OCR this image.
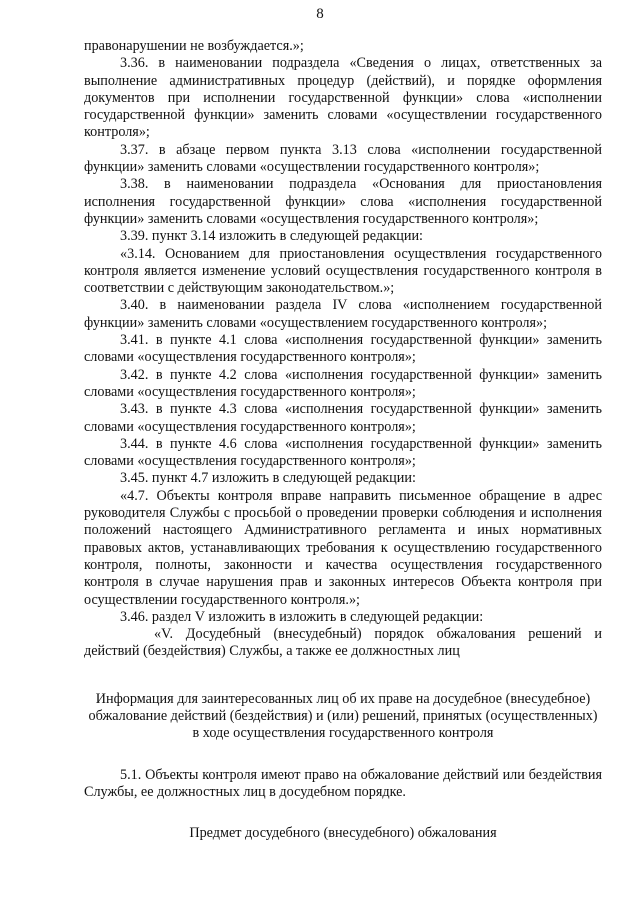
8

правонарушении не возбуждается.»;

3.36. в наименовании подраздела «Сведения о лицах, ответственных за выполнение административных процедур (действий), и порядке оформления документов при исполнении государственной функции» слова «исполнении государственной функции» заменить словами «осуществлении государственного контроля»;

3.37. в абзаце первом пункта 3.13 слова «исполнении государственной функции» заменить словами «осуществлении государственного контроля»;

3.38. в наименовании подраздела «Основания для приостановления исполнения государственной функции» слова «исполнения государственной функции» заменить словами «осуществления государственного контроля»;

3.39. пункт 3.14 изложить в следующей редакции:

«3.14. Основанием для приостановления осуществления государственного контроля является изменение условий осуществления государственного контроля в соответствии с действующим законодательством.»;

3.40. в наименовании раздела IV слова «исполнением государственной функции» заменить словами «осуществлением государственного контроля»;

3.41. в пункте 4.1 слова «исполнения государственной функции» заменить словами «осуществления государственного контроля»;

3.42. в пункте 4.2 слова «исполнения государственной функции» заменить словами «осуществления государственного контроля»;

3.43. в пункте 4.3 слова «исполнения государственной функции» заменить словами «осуществления государственного контроля»;

3.44. в пункте 4.6 слова «исполнения государственной функции» заменить словами «осуществления государственного контроля»;

3.45. пункт 4.7 изложить в следующей редакции:

«4.7. Объекты контроля вправе направить письменное обращение в адрес руководителя Службы с просьбой о проведении проверки соблюдения и исполнения положений настоящего Административного регламента и иных нормативных правовых актов, устанавливающих требования к осуществлению государственного контроля, полноты, законности и качества осуществления государственного контроля в случае нарушения прав и законных интересов Объекта контроля при осуществлении государственного контроля.»;

3.46. раздел V изложить в изложить в следующей редакции:

«V. Досудебный (внесудебный) порядок обжалования решений и действий (бездействия) Службы, а также ее должностных лиц

Информация для заинтересованных лиц об их праве на досудебное (внесудебное) обжалование действий (бездействия) и (или) решений, принятых (осуществленных) в ходе осуществления государственного контроля

5.1. Объекты контроля имеют право на обжалование действий или бездействия Службы, ее должностных лиц в досудебном порядке.

Предмет досудебного (внесудебного) обжалования
